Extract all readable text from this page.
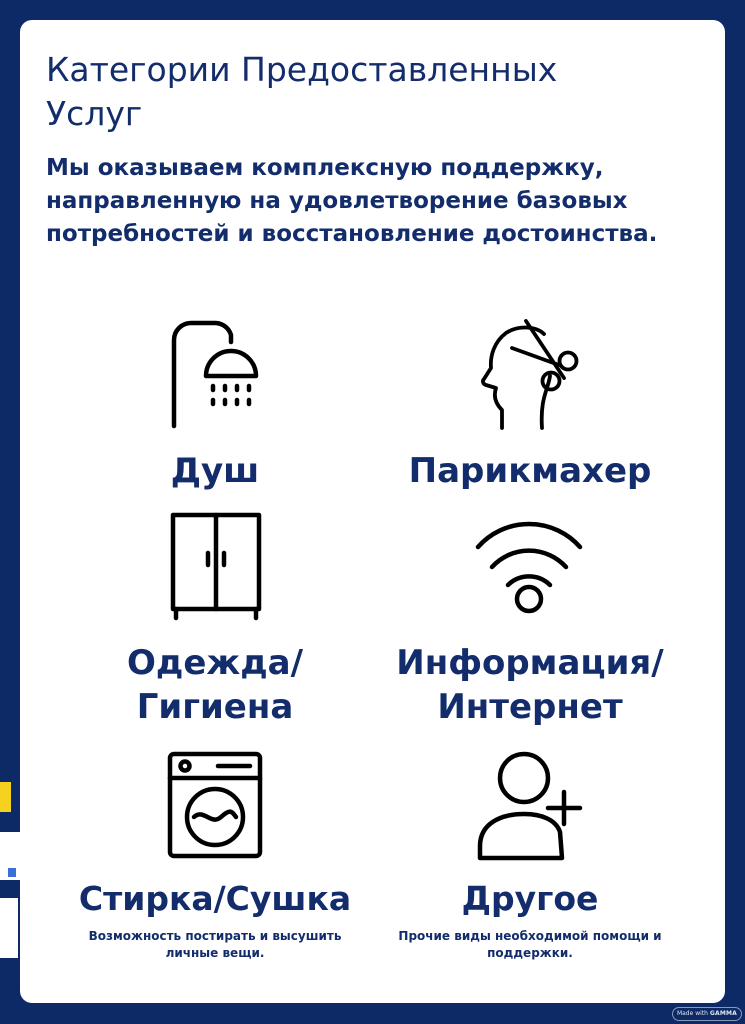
Категории Предоставленных Услуг

Мы оказываем комплексную поддержку, направленную на удовлетворение базовых потребностей и восстановление достоинства.

Душ	Парикмахер
Одежда/
Гигиена
Информация/
Интернет
Стирка/Сушка
Возможность постирать и высушить личные вещи.
Другое
Прочие виды необходимой помощи и поддержки.
Made with GAMMA
